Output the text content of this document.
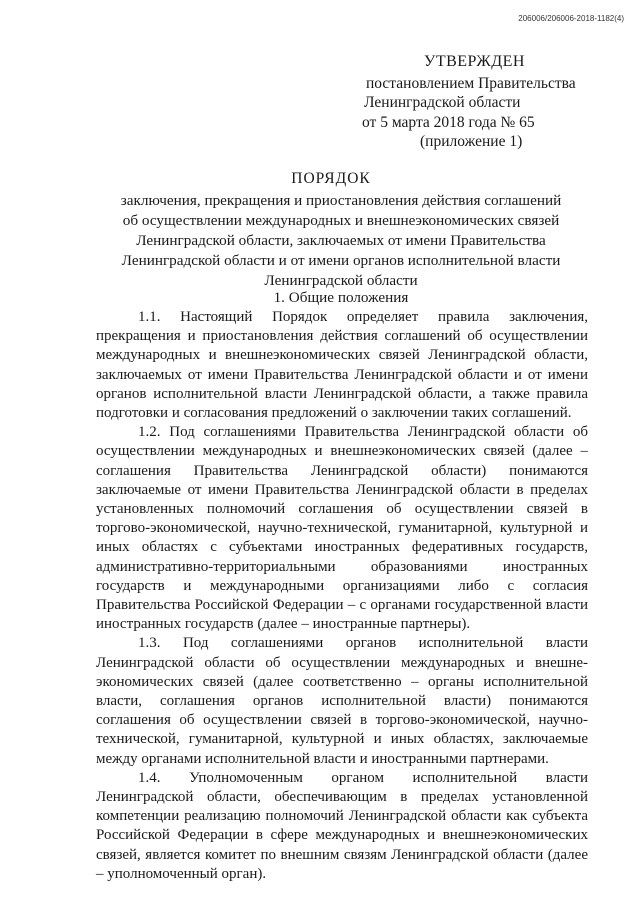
206006/206006-2018-1182(4)
УТВЕРЖДЕН
постановлением Правительства
Ленинградской области
от 5 марта 2018 года № 65
(приложение 1)
ПОРЯДОК
заключения, прекращения и приостановления действия соглашений
об осуществлении международных и внешнеэкономических связей
Ленинградской области, заключаемых от имени Правительства
Ленинградской области и от имени органов исполнительной власти
Ленинградской области
1. Общие положения

1.1. Настоящий Порядок определяет правила заключения, прекращения и приостановления действия соглашений об осуществлении международных и внешнеэкономических связей Ленинградской области, заключаемых от имени Правительства Ленинградской области и от имени органов исполнительной власти Ленинградской области, а также правила подготовки и согласования предложений о заключении таких соглашений.

1.2. Под соглашениями Правительства Ленинградской области об осуществлении международных и внешнеэкономических связей (далее – соглашения Правительства Ленинградской области) понимаются заключаемые от имени Правительства Ленинградской области в пределах установленных полномочий соглашения об осуществлении связей в торгово-экономической, научно-технической, гуманитарной, культурной и иных областях с субъектами иностранных федеративных государств, административно-территориальными образованиями иностранных государств и международными организациями либо с согласия Правительства Российской Федерации – с органами государственной власти иностранных государств (далее – иностранные партнеры).

1.3. Под соглашениями органов исполнительной власти Ленинградской области об осуществлении международных и внешне-экономических связей (далее соответственно – органы исполнительной власти, соглашения органов исполнительной власти) понимаются соглашения об осуществлении связей в торгово-экономической, научно-технической, гуманитарной, культурной и иных областях, заключаемые между органами исполнительной власти и иностранными партнерами.

1.4. Уполномоченным органом исполнительной власти Ленинградской области, обеспечивающим в пределах установленной компетенции реализацию полномочий Ленинградской области как субъекта Российской Федерации в сфере международных и внешнеэкономических связей, является комитет по внешним связям Ленинградской области (далее – уполномоченный орган).
